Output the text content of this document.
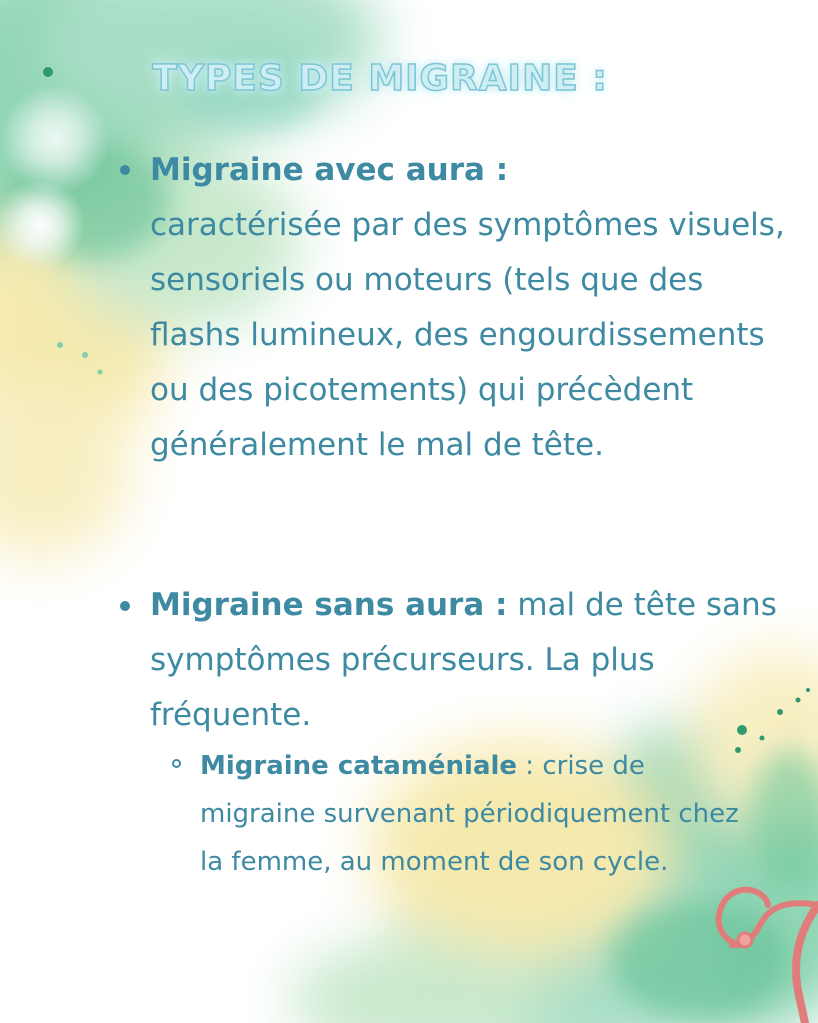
TYPES DE MIGRAINE :
Migraine avec aura :
caractérisée par des symptômes visuels, sensoriels ou moteurs (tels que des flashs lumineux, des engourdissements ou des picotements) qui précèdent généralement le mal de tête.
Migraine sans aura : mal de tête sans symptômes précurseurs. La plus fréquente.
Migraine cataméniale : crise de migraine survenant périodiquement chez la femme, au moment de son cycle.
